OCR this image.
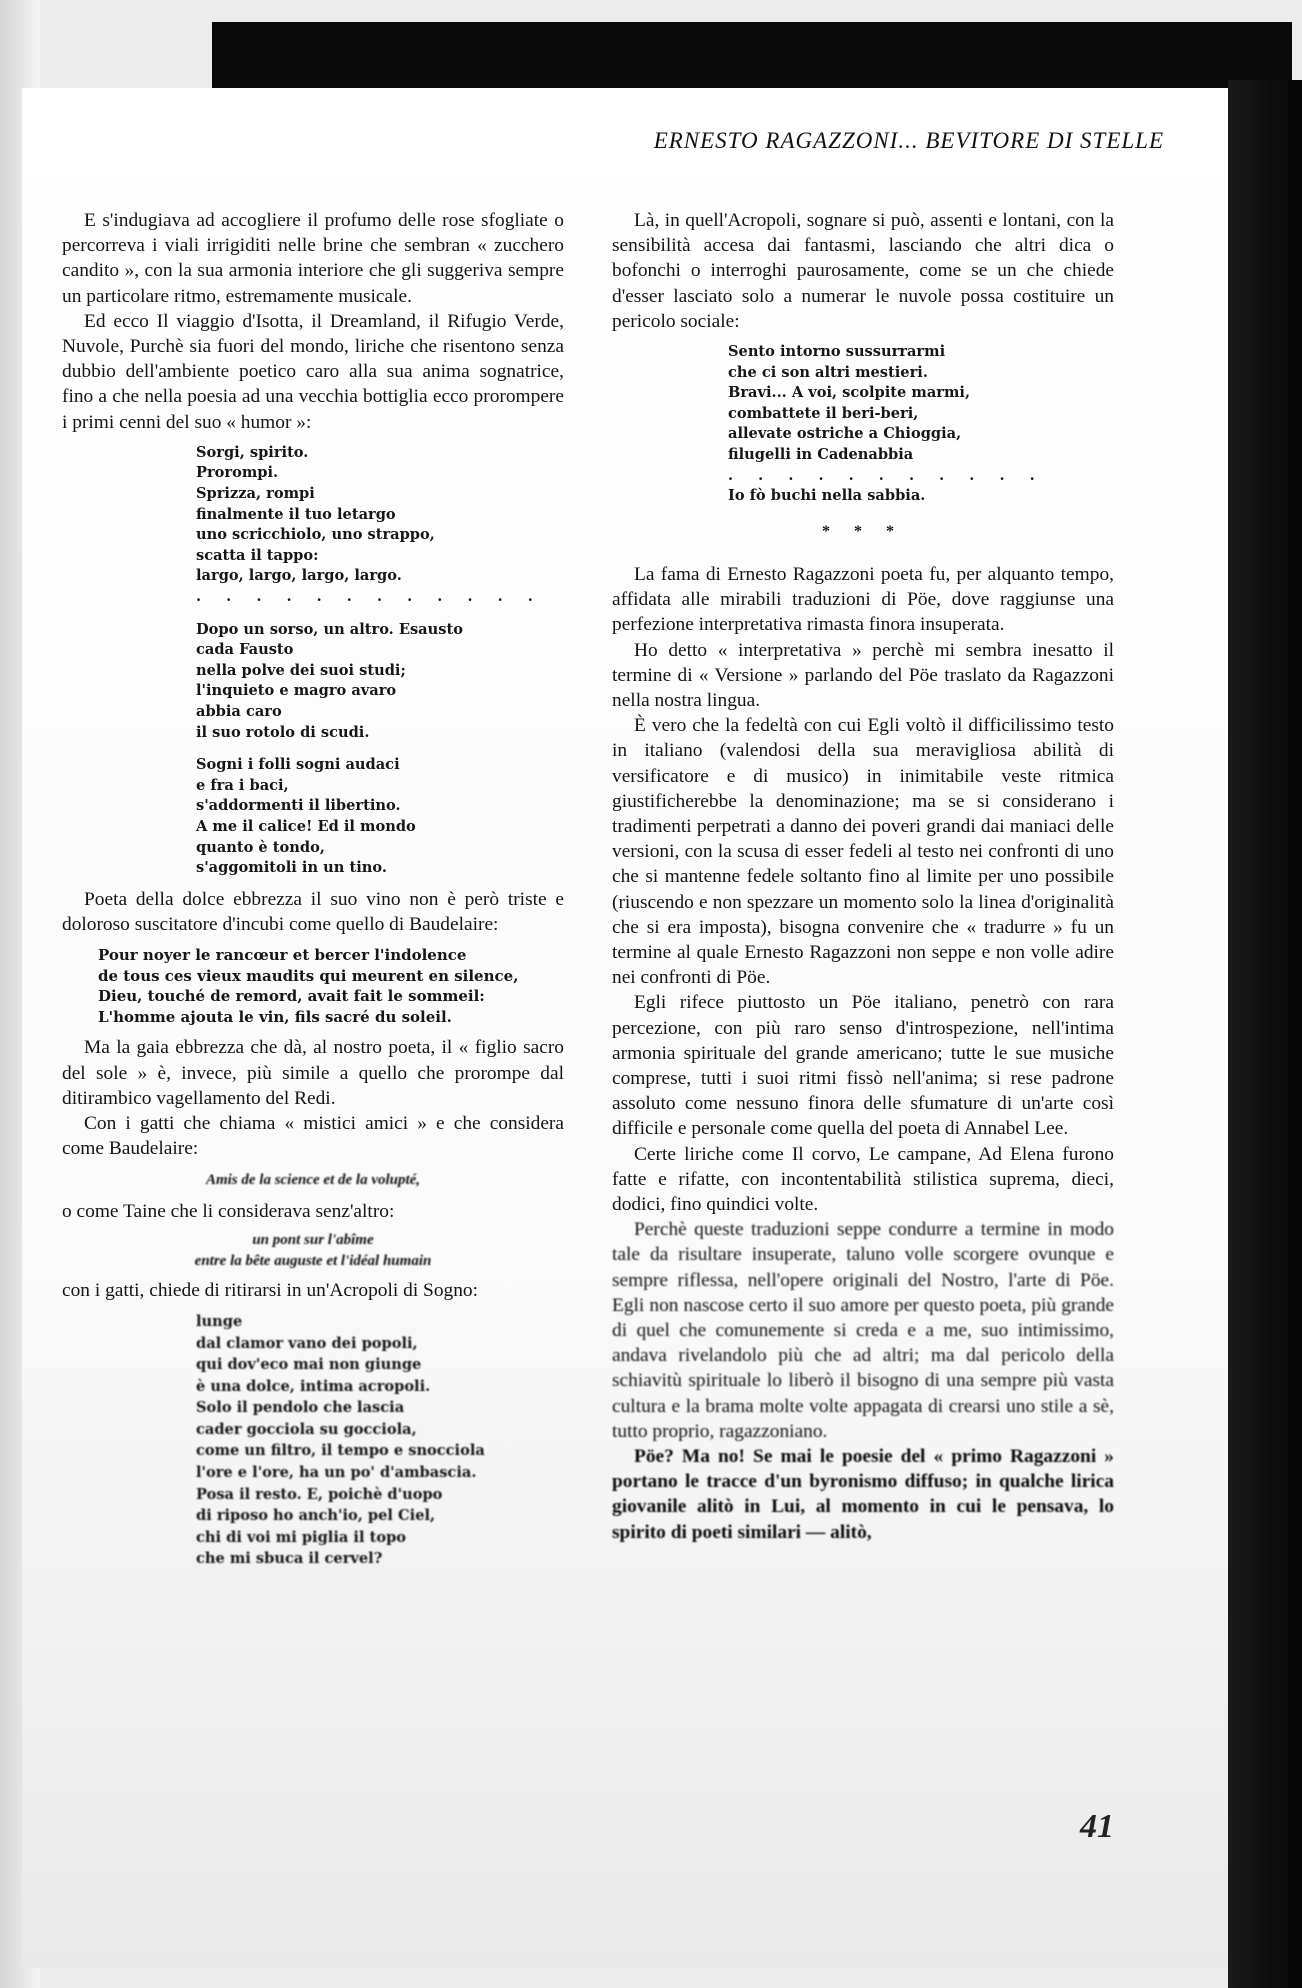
ERNESTO RAGAZZONI... BEVITORE DI STELLE

E s'indugiava ad accogliere il profumo delle rose sfogliate o percorreva i viali irrigiditi nelle brine che sembran « zucchero candito », con la sua armonia interiore che gli suggeriva sempre un particolare ritmo, estremamente musicale.

Ed ecco Il viaggio d'Isotta, il Dreamland, il Rifugio Verde, Nuvole, Purchè sia fuori del mondo, liriche che risentono senza dubbio dell'ambiente poetico caro alla sua anima sognatrice, fino a che nella poesia ad una vecchia bottiglia ecco prorompere i primi cenni del suo « humor »:

Sorgi, spirito.
Prorompi.
Sprizza, rompi
finalmente il tuo letargo
uno scricchiolo, uno strappo,
scatta il tappo:
largo, largo, largo, largo.
. . . . . . . . . . . .
Dopo un sorso, un altro. Esausto
cada Fausto
nella polve dei suoi studi;
l'inquieto e magro avaro
abbia caro
il suo rotolo di scudi.
Sogni i folli sogni audaci
e fra i baci,
s'addormenti il libertino.
A me il calice! Ed il mondo
quanto è tondo,
s'aggomitoli in un tino.

Poeta della dolce ebbrezza il suo vino non è però triste e doloroso suscitatore d'incubi come quello di Baudelaire:

Pour noyer le rancœur et bercer l'indolence
de tous ces vieux maudits qui meurent en silence,
Dieu, touché de remord, avait fait le sommeil:
L'homme ajouta le vin, fils sacré du soleil.

Ma la gaia ebbrezza che dà, al nostro poeta, il « figlio sacro del sole » è, invece, più simile a quello che prorompe dal ditirambico vagellamento del Redi.

Con i gatti che chiama « mistici amici » e che considera come Baudelaire:

Amis de la science et de la volupté,

o come Taine che li considerava senz'altro:

un pont sur l'abîme
entre la bête auguste et l'idéal humain

con i gatti, chiede di ritirarsi in un'Acropoli di Sogno:

lunge
dal clamor vano dei popoli,
qui dov'eco mai non giunge
è una dolce, intima acropoli.
Solo il pendolo che lascia
cader gocciola su gocciola,
come un filtro, il tempo e snocciola
l'ore e l'ore, ha un po' d'ambascia.
Posa il resto. E, poichè d'uopo
di riposo ho anch'io, pel Ciel,
chi di voi mi piglia il topo
che mi sbuca il cervel?

Là, in quell'Acropoli, sognare si può, assenti e lontani, con la sensibilità accesa dai fantasmi, lasciando che altri dica o bofonchi o interroghi paurosamente, come se un che chiede d'esser lasciato solo a numerar le nuvole possa costituire un pericolo sociale:

Sento intorno sussurrarmi
che ci son altri mestieri.
Bravi... A voi, scolpite marmi,
combattete il beri-beri,
allevate ostriche a Chioggia,
filugelli in Cadenabbia
. . . . . . . . . . .
Io fò buchi nella sabbia.
* * *

La fama di Ernesto Ragazzoni poeta fu, per alquanto tempo, affidata alle mirabili traduzioni di Pöe, dove raggiunse una perfezione interpretativa rimasta finora insuperata.

Ho detto « interpretativa » perchè mi sembra inesatto il termine di « Versione » parlando del Pöe traslato da Ragazzoni nella nostra lingua.

È vero che la fedeltà con cui Egli voltò il difficilissimo testo in italiano (valendosi della sua meravigliosa abilità di versificatore e di musico) in inimitabile veste ritmica giustificherebbe la denominazione; ma se si considerano i tradimenti perpetrati a danno dei poveri grandi dai maniaci delle versioni, con la scusa di esser fedeli al testo nei confronti di uno che si mantenne fedele soltanto fino al limite per uno possibile (riuscendo e non spezzare un momento solo la linea d'originalità che si era imposta), bisogna convenire che « tradurre » fu un termine al quale Ernesto Ragazzoni non seppe e non volle adire nei confronti di Pöe.

Egli rifece piuttosto un Pöe italiano, penetrò con rara percezione, con più raro senso d'introspezione, nell'intima armonia spirituale del grande americano; tutte le sue musiche comprese, tutti i suoi ritmi fissò nell'anima; si rese padrone assoluto come nessuno finora delle sfumature di un'arte così difficile e personale come quella del poeta di Annabel Lee.

Certe liriche come Il corvo, Le campane, Ad Elena furono fatte e rifatte, con incontentabilità stilistica suprema, dieci, dodici, fino quindici volte.

Perchè queste traduzioni seppe condurre a termine in modo tale da risultare insuperate, taluno volle scorgere ovunque e sempre riflessa, nell'opere originali del Nostro, l'arte di Pöe. Egli non nascose certo il suo amore per questo poeta, più grande di quel che comunemente si creda e a me, suo intimissimo, andava rivelandolo più che ad altri; ma dal pericolo della schiavitù spirituale lo liberò il bisogno di una sempre più vasta cultura e la brama molte volte appagata di crearsi uno stile a sè, tutto proprio, ragazzoniano.

Pöe? Ma no! Se mai le poesie del « primo Ragazzoni » portano le tracce d'un byronismo diffuso; in qualche lirica giovanile alitò in Lui, al momento in cui le pensava, lo spirito di poeti similari — alitò,

41
